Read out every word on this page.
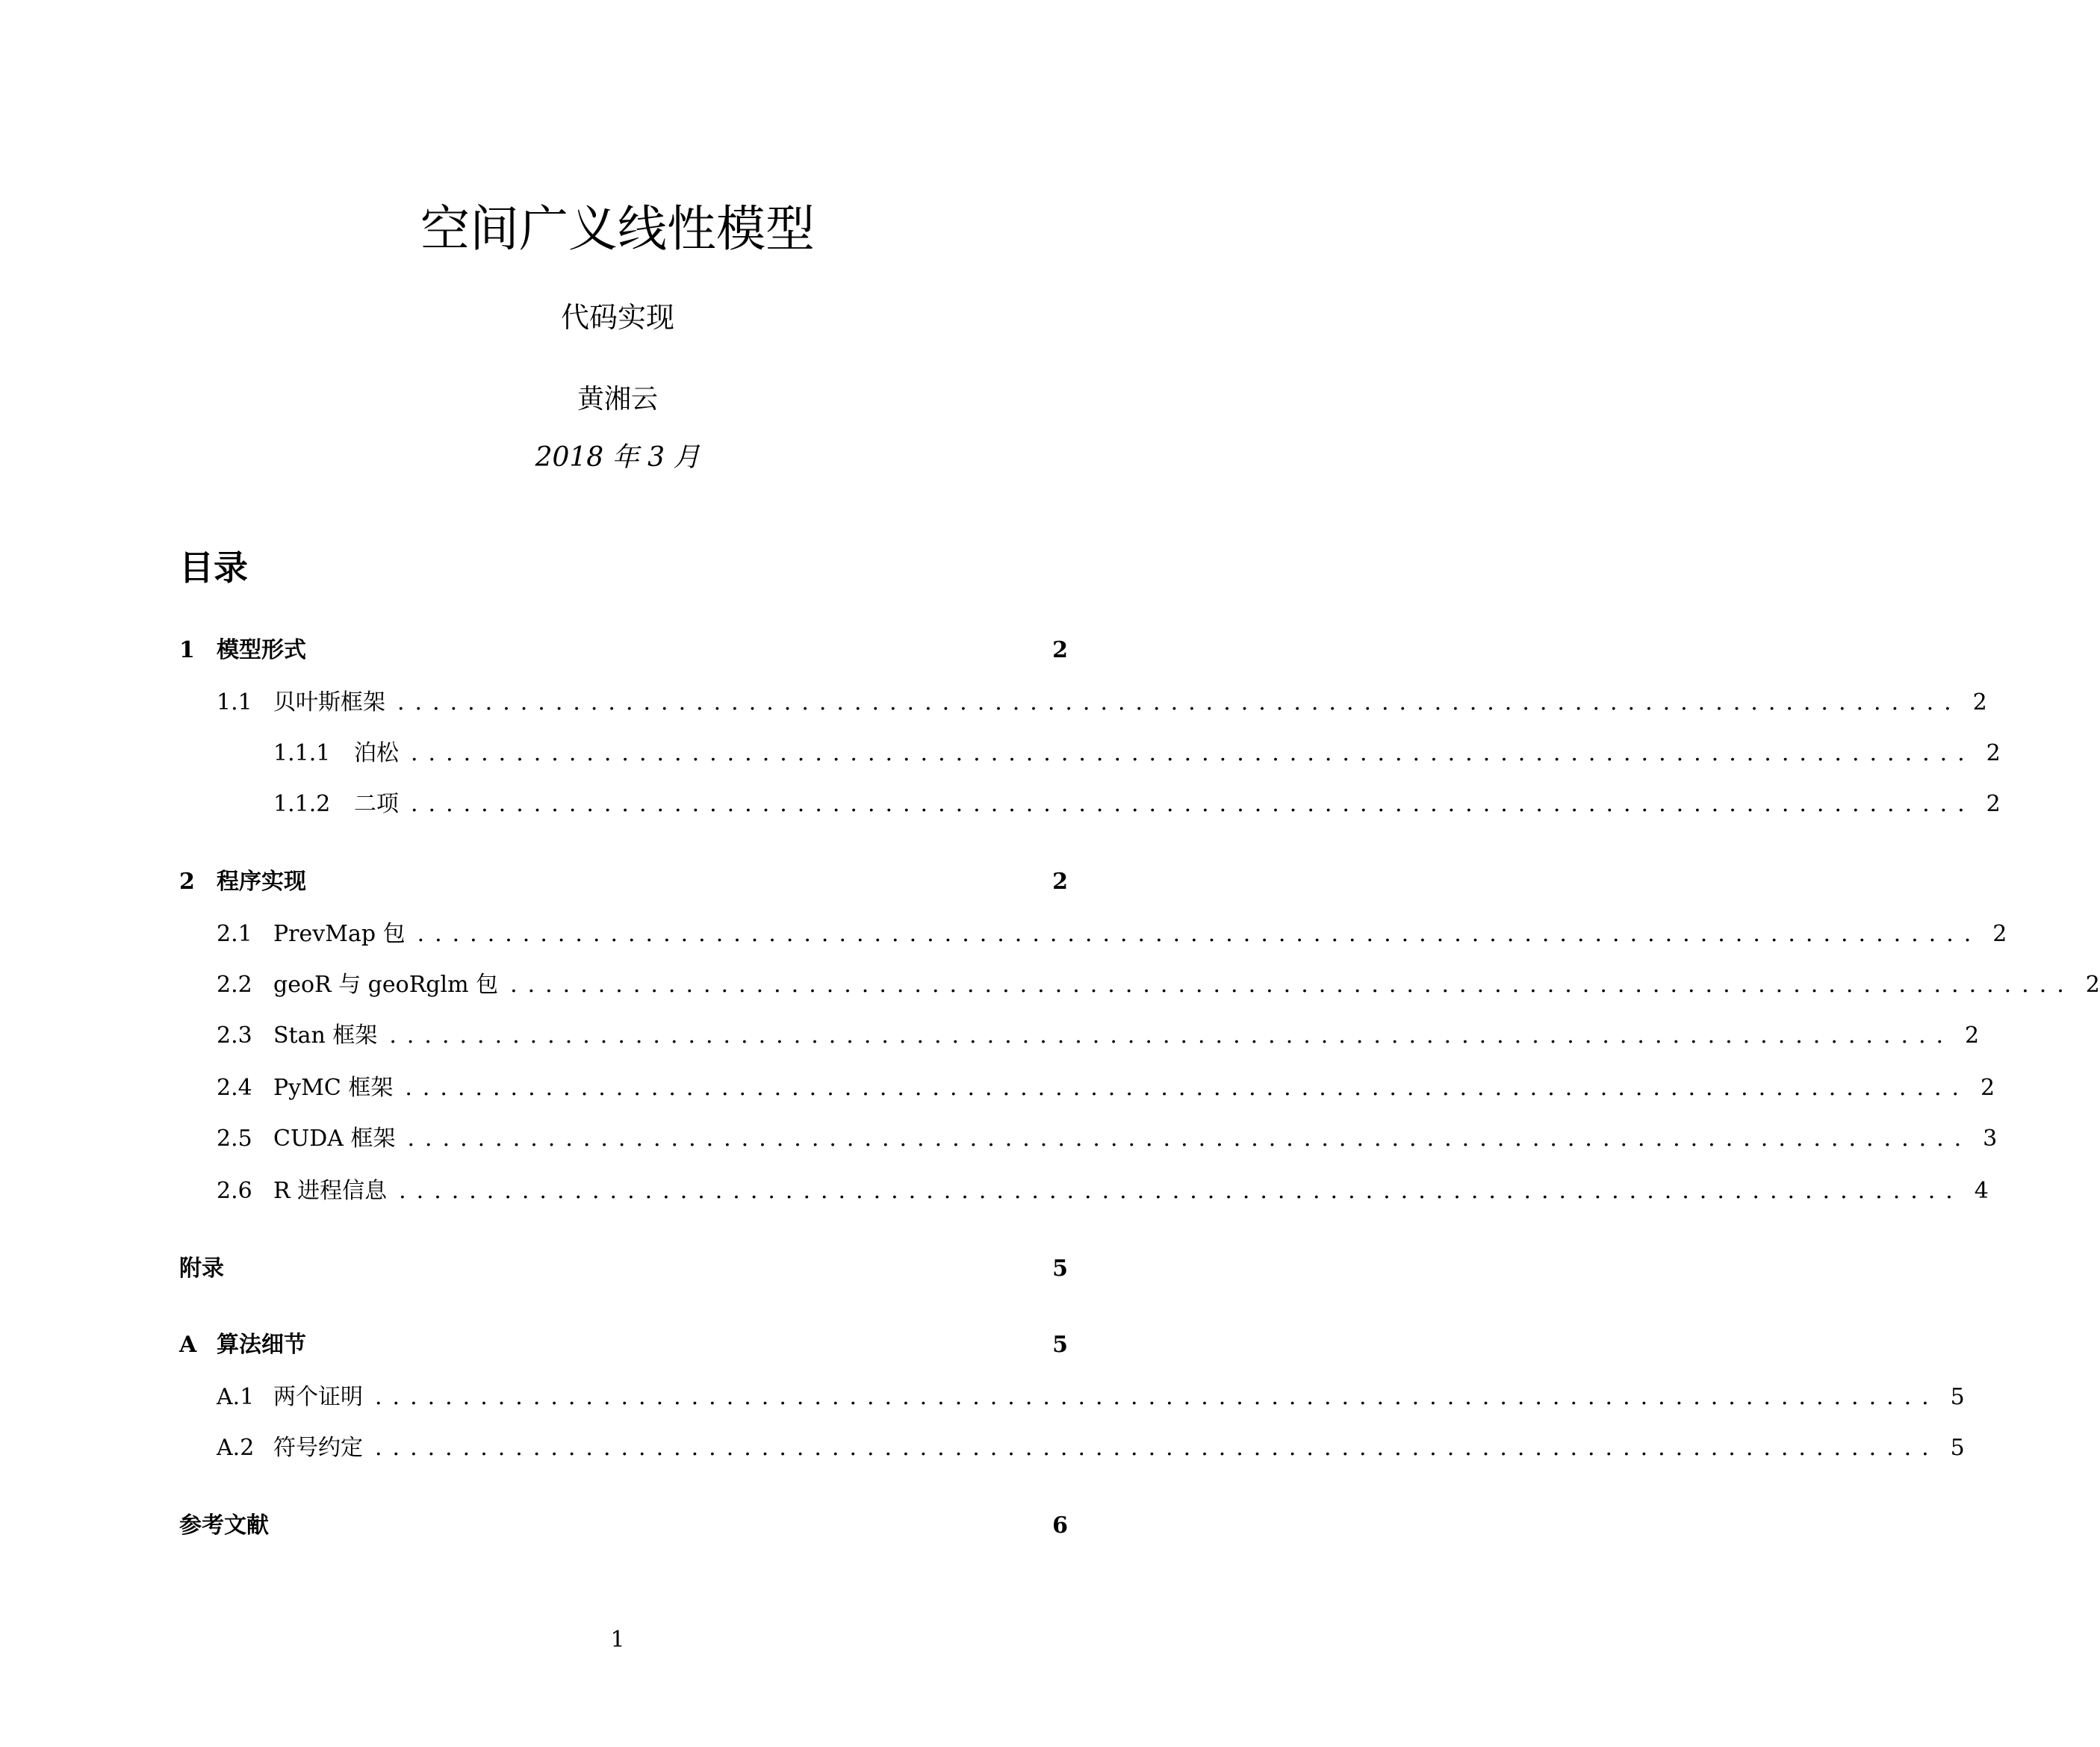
空间广义线性模型
代码实现
黄湘云
2018 年 3 月
目录
1 模型形式	2
1.1 贝叶斯框架 ......................................................................................... 2
1.1.1	泊松 ......................................................................................... 2
1.1.2	二项 ......................................................................................... 2
2 程序实现	2
2.1 PrevMap 包 ......................................................................................... 2
2.2 geoR 与 geoRglm 包 ......................................................................................... 2
2.3 Stan 框架 ......................................................................................... 2
2.4 PyMC 框架 ......................................................................................... 2
2.5 CUDA 框架 ......................................................................................... 3
2.6 R 进程信息 ......................................................................................... 4
附录	5
A 算法细节	5
A.1 两个证明 ......................................................................................... 5
A.2 符号约定 ......................................................................................... 5
参考文献	6
1
